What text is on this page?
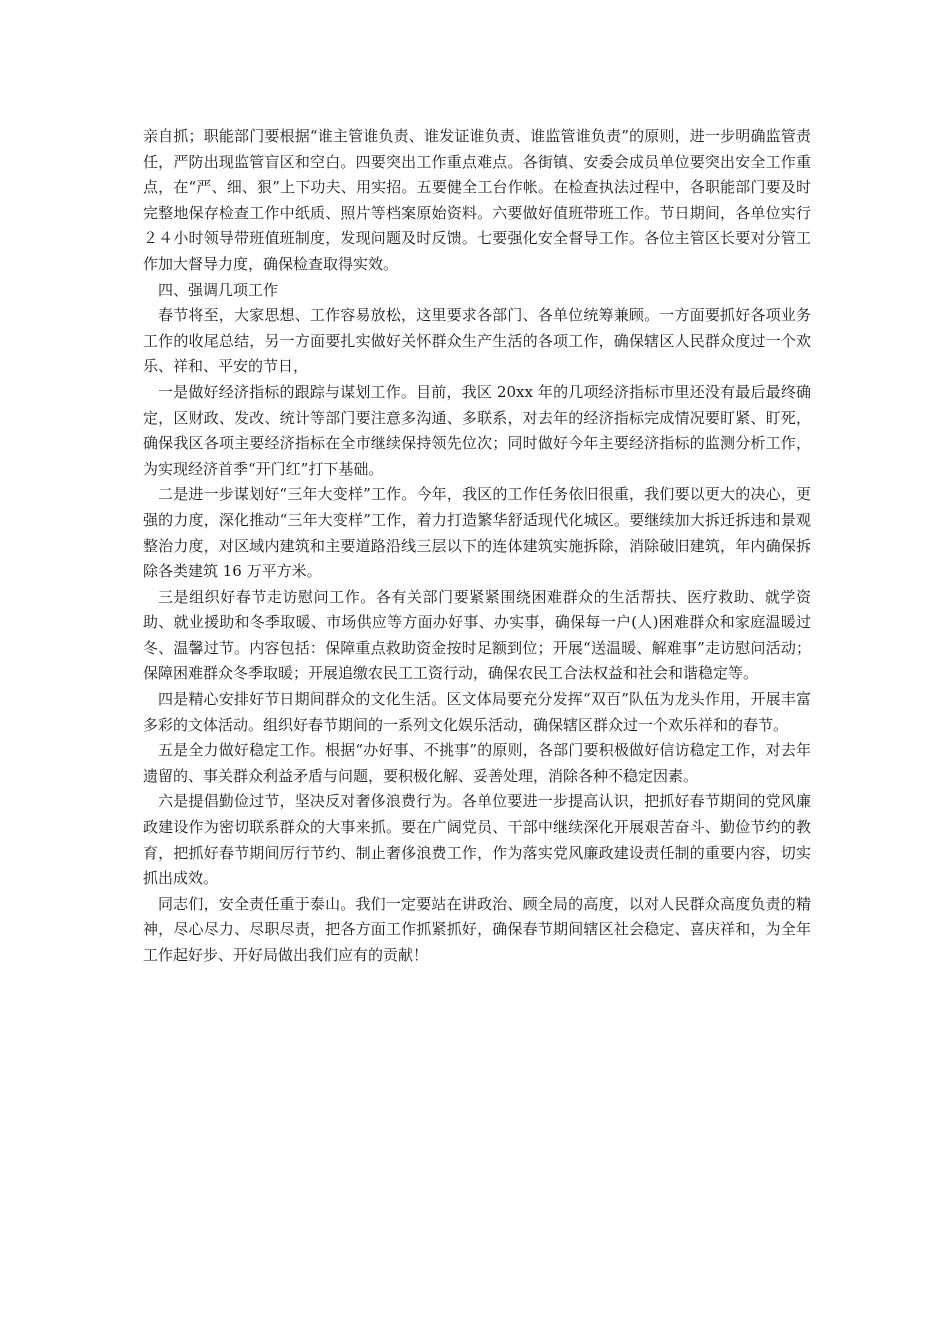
亲自抓；职能部门要根据“谁主管谁负责、谁发证谁负责、谁监管谁负责”的原则，进一步明确监管责任，严防出现监管盲区和空白。四要突出工作重点难点。各街镇、安委会成员单位要突出安全工作重点，在“严、细、狠”上下功夫、用实招。五要健全工台作帐。在检查执法过程中，各职能部门要及时完整地保存检查工作中纸质、照片等档案原始资料。六要做好值班带班工作。节日期间，各单位实行２４小时领导带班值班制度，发现问题及时反馈。七要强化安全督导工作。各位主管区长要对分管工作加大督导力度，确保检查取得实效。

四、强调几项工作

春节将至，大家思想、工作容易放松，这里要求各部门、各单位统筹兼顾。一方面要抓好各项业务工作的收尾总结，另一方面要扎实做好关怀群众生产生活的各项工作，确保辖区人民群众度过一个欢乐、祥和、平安的节日，

一是做好经济指标的跟踪与谋划工作。目前，我区 20xx 年的几项经济指标市里还没有最后最终确定，区财政、发改、统计等部门要注意多沟通、多联系，对去年的经济指标完成情况要盯紧、盯死，确保我区各项主要经济指标在全市继续保持领先位次；同时做好今年主要经济指标的监测分析工作，为实现经济首季“开门红”打下基础。

二是进一步谋划好“三年大变样”工作。今年，我区的工作任务依旧很重，我们要以更大的决心，更强的力度，深化推动“三年大变样”工作，着力打造繁华舒适现代化城区。要继续加大拆迁拆违和景观整治力度，对区域内建筑和主要道路沿线三层以下的连体建筑实施拆除，消除破旧建筑，年内确保拆除各类建筑 16 万平方米。

三是组织好春节走访慰问工作。各有关部门要紧紧围绕困难群众的生活帮扶、医疗救助、就学资助、就业援助和冬季取暖、市场供应等方面办好事、办实事，确保每一户(人)困难群众和家庭温暖过冬、温馨过节。内容包括：保障重点救助资金按时足额到位；开展“送温暖、解难事”走访慰问活动；保障困难群众冬季取暖；开展追缴农民工工资行动，确保农民工合法权益和社会和谐稳定等。

四是精心安排好节日期间群众的文化生活。区文体局要充分发挥“双百”队伍为龙头作用，开展丰富多彩的文体活动。组织好春节期间的一系列文化娱乐活动，确保辖区群众过一个欢乐祥和的春节。

五是全力做好稳定工作。根据“办好事、不挑事”的原则，各部门要积极做好信访稳定工作，对去年遗留的、事关群众利益矛盾与问题，要积极化解、妥善处理，消除各种不稳定因素。

六是提倡勤俭过节，坚决反对奢侈浪费行为。各单位要进一步提高认识，把抓好春节期间的党风廉政建设作为密切联系群众的大事来抓。要在广阔党员、干部中继续深化开展艰苦奋斗、勤俭节约的教育，把抓好春节期间厉行节约、制止奢侈浪费工作，作为落实党风廉政建设责任制的重要内容，切实抓出成效。

同志们，安全责任重于泰山。我们一定要站在讲政治、顾全局的高度，以对人民群众高度负责的精神，尽心尽力、尽职尽责，把各方面工作抓紧抓好，确保春节期间辖区社会稳定、喜庆祥和，为全年工作起好步、开好局做出我们应有的贡献！
